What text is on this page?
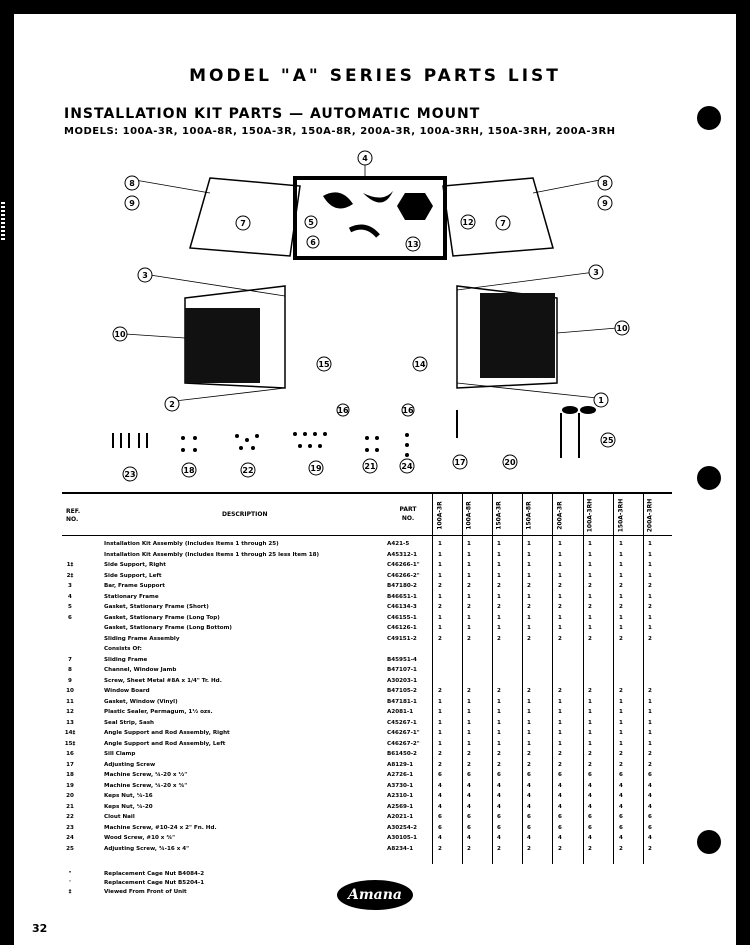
MODEL "A" SERIES PARTS LIST
INSTALLATION KIT PARTS — AUTOMATIC MOUNT
MODELS: 100A-3R, 100A-8R, 150A-3R, 150A-8R, 200A-3R, 100A-3RH, 150A-3RH, 200A-3RH
8
9
7
4
5
6
12
13
7
8
9
3	3
10
10
15	14
2	1
16	16
23	18	22	19	21	24	17	20
25
REF.
NO.
DESCRIPTION
PART
NO.	100A-3R	100A-8R	150A-3R	150A-8R	200A-3R	100A-3RH	150A-3RH	200A-3RH
Installation Kit Assembly (Includes Items 1 through 25)	A421-5	1	1	1	1	1	1	1	1
Installation Kit Assembly (Includes Items 1 through 25 less Item 18)	A45312-1	1	1	1	1	1	1	1	1
1‡	Side Support, Right	C46266-1"	1	1	1	1	1	1	1	1
2‡	Side Support, Left	C46266-2"	1	1	1	1	1	1	1	1
3	Bar, Frame Support	B47180-2	2	2	2	2	2	2	2	2
4	Stationary Frame	B46651-1	1	1	1	1	1	1	1	1
5	Gasket, Stationary Frame (Short)	C46134-3	2	2	2	2	2	2	2	2
6	Gasket, Stationary Frame (Long Top)	C46155-1	1	1	1	1	1	1	1	1
Gasket, Stationary Frame (Long Bottom)	C46126-1	1	1	1	1	1	1	1	1
Sliding Frame Assembly	C49151-2	2	2	2	2	2	2	2	2
Consists Of:
7	Sliding Frame	B45951-4
8	Channel, Window Jamb	B47107-1
9	Screw, Sheet Metal #8A x 1/4" Tr. Hd.	A30203-1
10	Window Board	B47105-2	2	2	2	2	2	2	2	2
11	Gasket, Window (Vinyl)	B47181-1	1	1	1	1	1	1	1	1
12	Plastic Sealer, Permagum, 1½ ozs.	A2081-1	1	1	1	1	1	1	1	1
13	Seal Strip, Sash	C45267-1	1	1	1	1	1	1	1	1
14‡	Angle Support and Rod Assembly, Right	C46267-1"	1	1	1	1	1	1	1	1
15‡	Angle Support and Rod Assembly, Left	C46267-2"	1	1	1	1	1	1	1	1
16	Sill Clamp	B61450-2	2	2	2	2	2	2	2	2
17	Adjusting Screw	A8129-1	2	2	2	2	2	2	2	2
18	Machine Screw, ¼-20 x ½"	A2726-1	6	6	6	6	6	6	6	6
19	Machine Screw, ¼-20 x ¾"	A3730-1	4	4	4	4	4	4	4	4
20	Keps Nut, ¼-16	A2310-1	4	4	4	4	4	4	4	4
21	Keps Nut, ¼-20	A2569-1	4	4	4	4	4	4	4	4
22	Clout Nail	A2021-1	6	6	6	6	6	6	6	6
23	Machine Screw, #10-24 x 2" Fn. Hd.	A30254-2	6	6	6	6	6	6	6	6
24	Wood Screw, #10 x ¾"	A30105-1	4	4	4	4	4	4	4	4
25	Adjusting Screw, ¾-16 x 4"	A8234-1	2	2	2	2	2	2	2	2
"	Replacement Cage Nut B4084-2
'	Replacement Cage Nut B5204-1
‡	Viewed From Front of Unit	Amana
32
